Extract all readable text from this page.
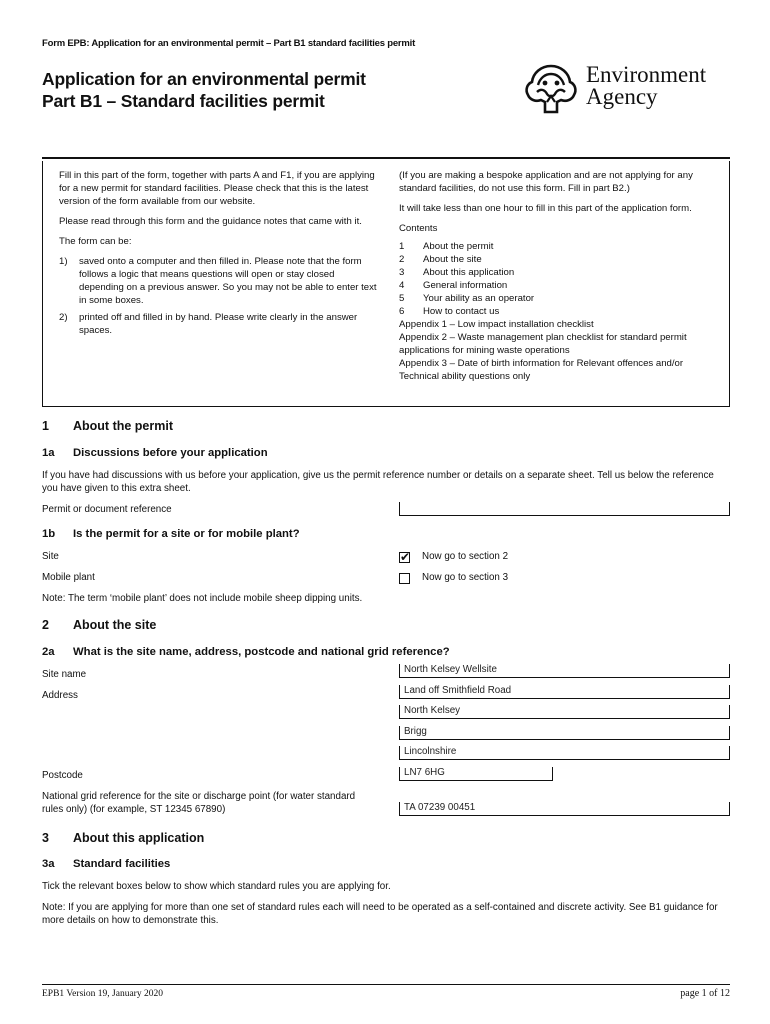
Form EPB: Application for an environmental permit – Part B1 standard facilities permit
Application for an environmental permit
Part B1 – Standard facilities permit
Environment
Agency

Fill in this part of the form, together with parts A and F1, if you are applying for a new permit for standard facilities. Please check that this is the latest version of the form available from our website.

Please read through this form and the guidance notes that came with it.

The form can be:

1) saved onto a computer and then filled in. Please note that the form follows a logic that means questions will open or stay closed depending on a previous answer. So you may not be able to enter text in some boxes.
2) printed off and filled in by hand. Please write clearly in the answer spaces.

(If you are making a bespoke application and are not applying for any standard facilities, do not use this form. Fill in part B2.)

It will take less than one hour to fill in this part of the application form.

Contents

1	About the permit
2	About the site
3	About this application
4	General information
5	Your ability as an operator
6	How to contact us
Appendix 1 – Low impact installation checklist
Appendix 2 – Waste management plan checklist for standard permit applications for mining waste operations
Appendix 3 – Date of birth information for Relevant offences and/or Technical ability questions only
1 About the permit
1a Discussions before your application
If you have had discussions with us before your application, give us the permit reference number or details on a separate sheet. Tell us below the reference you have given to this extra sheet.
Permit or document reference
1b Is the permit for a site or for mobile plant?
Site
✔	Now go to section 2
Mobile plant	Now go to section 3
Note: The term ‘mobile plant’ does not include mobile sheep dipping units.
2 About the site
2a What is the site name, address, postcode and national grid reference?
Site name	North Kelsey Wellsite
Address	Land off Smithfield Road
North Kelsey
Brigg
Lincolnshire
Postcode	LN7 6HG
National grid reference for the site or discharge point (for water standard rules only) (for example, ST 12345 67890)	TA 07239 00451
3 About this application
3a Standard facilities
Tick the relevant boxes below to show which standard rules you are applying for.
Note: If you are applying for more than one set of standard rules each will need to be operated as a self-contained and discrete activity. See B1 guidance for more details on how to demonstrate this.
EPB1 Version 19, January 2020	page 1 of 12
